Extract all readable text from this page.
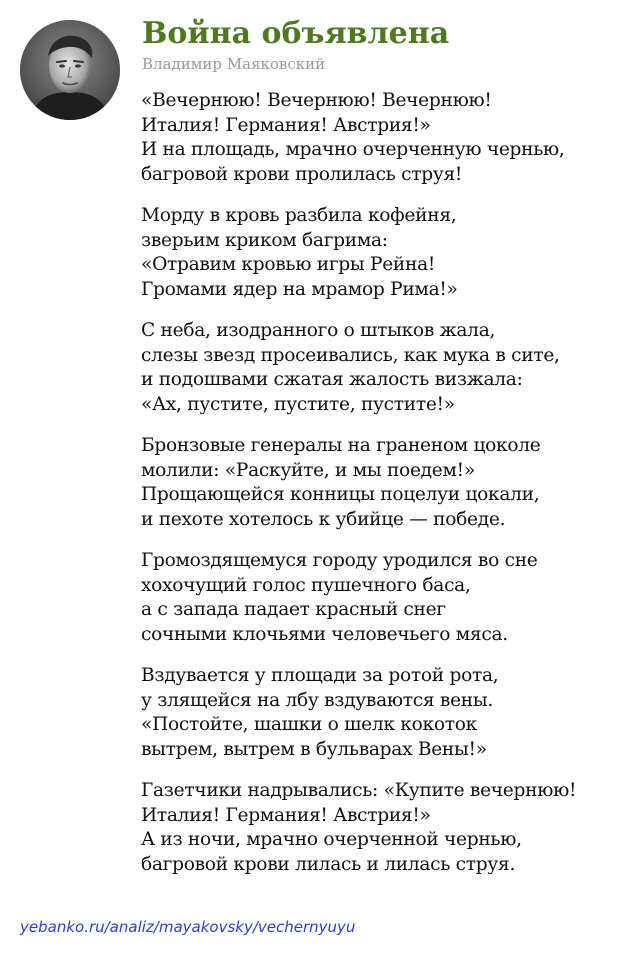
Война объявлена
Владимир Маяковский
«Вечернюю! Вечернюю! Вечернюю!
Италия! Германия! Австрия!»
И на площадь, мрачно очерченную чернью,
багровой крови пролилась струя!
Морду в кровь разбила кофейня,
зверьим криком багрима:
«Отравим кровью игры Рейна!
Громами ядер на мрамор Рима!»
С неба, изодранного о штыков жала,
слезы звезд просеивались, как мука в сите,
и подошвами сжатая жалость визжала:
«Ах, пустите, пустите, пустите!»
Бронзовые генералы на граненом цоколе
молили: «Раскуйте, и мы поедем!»
Прощающейся конницы поцелуи цокали,
и пехоте хотелось к убийце — победе.
Громоздящемуся городу уродился во сне
хохочущий голос пушечного баса,
а с запада падает красный снег
сочными клочьями человечьего мяса.
Вздувается у площади за ротой рота,
у злящейся на лбу вздуваются вены.
«Постойте, шашки о шелк кокоток
вытрем, вытрем в бульварах Вены!»
Газетчики надрывались: «Купите вечернюю!
Италия! Германия! Австрия!»
А из ночи, мрачно очерченной чернью,
багровой крови лилась и лилась струя.
yebanko.ru/analiz/mayakovsky/vechernyuyu
